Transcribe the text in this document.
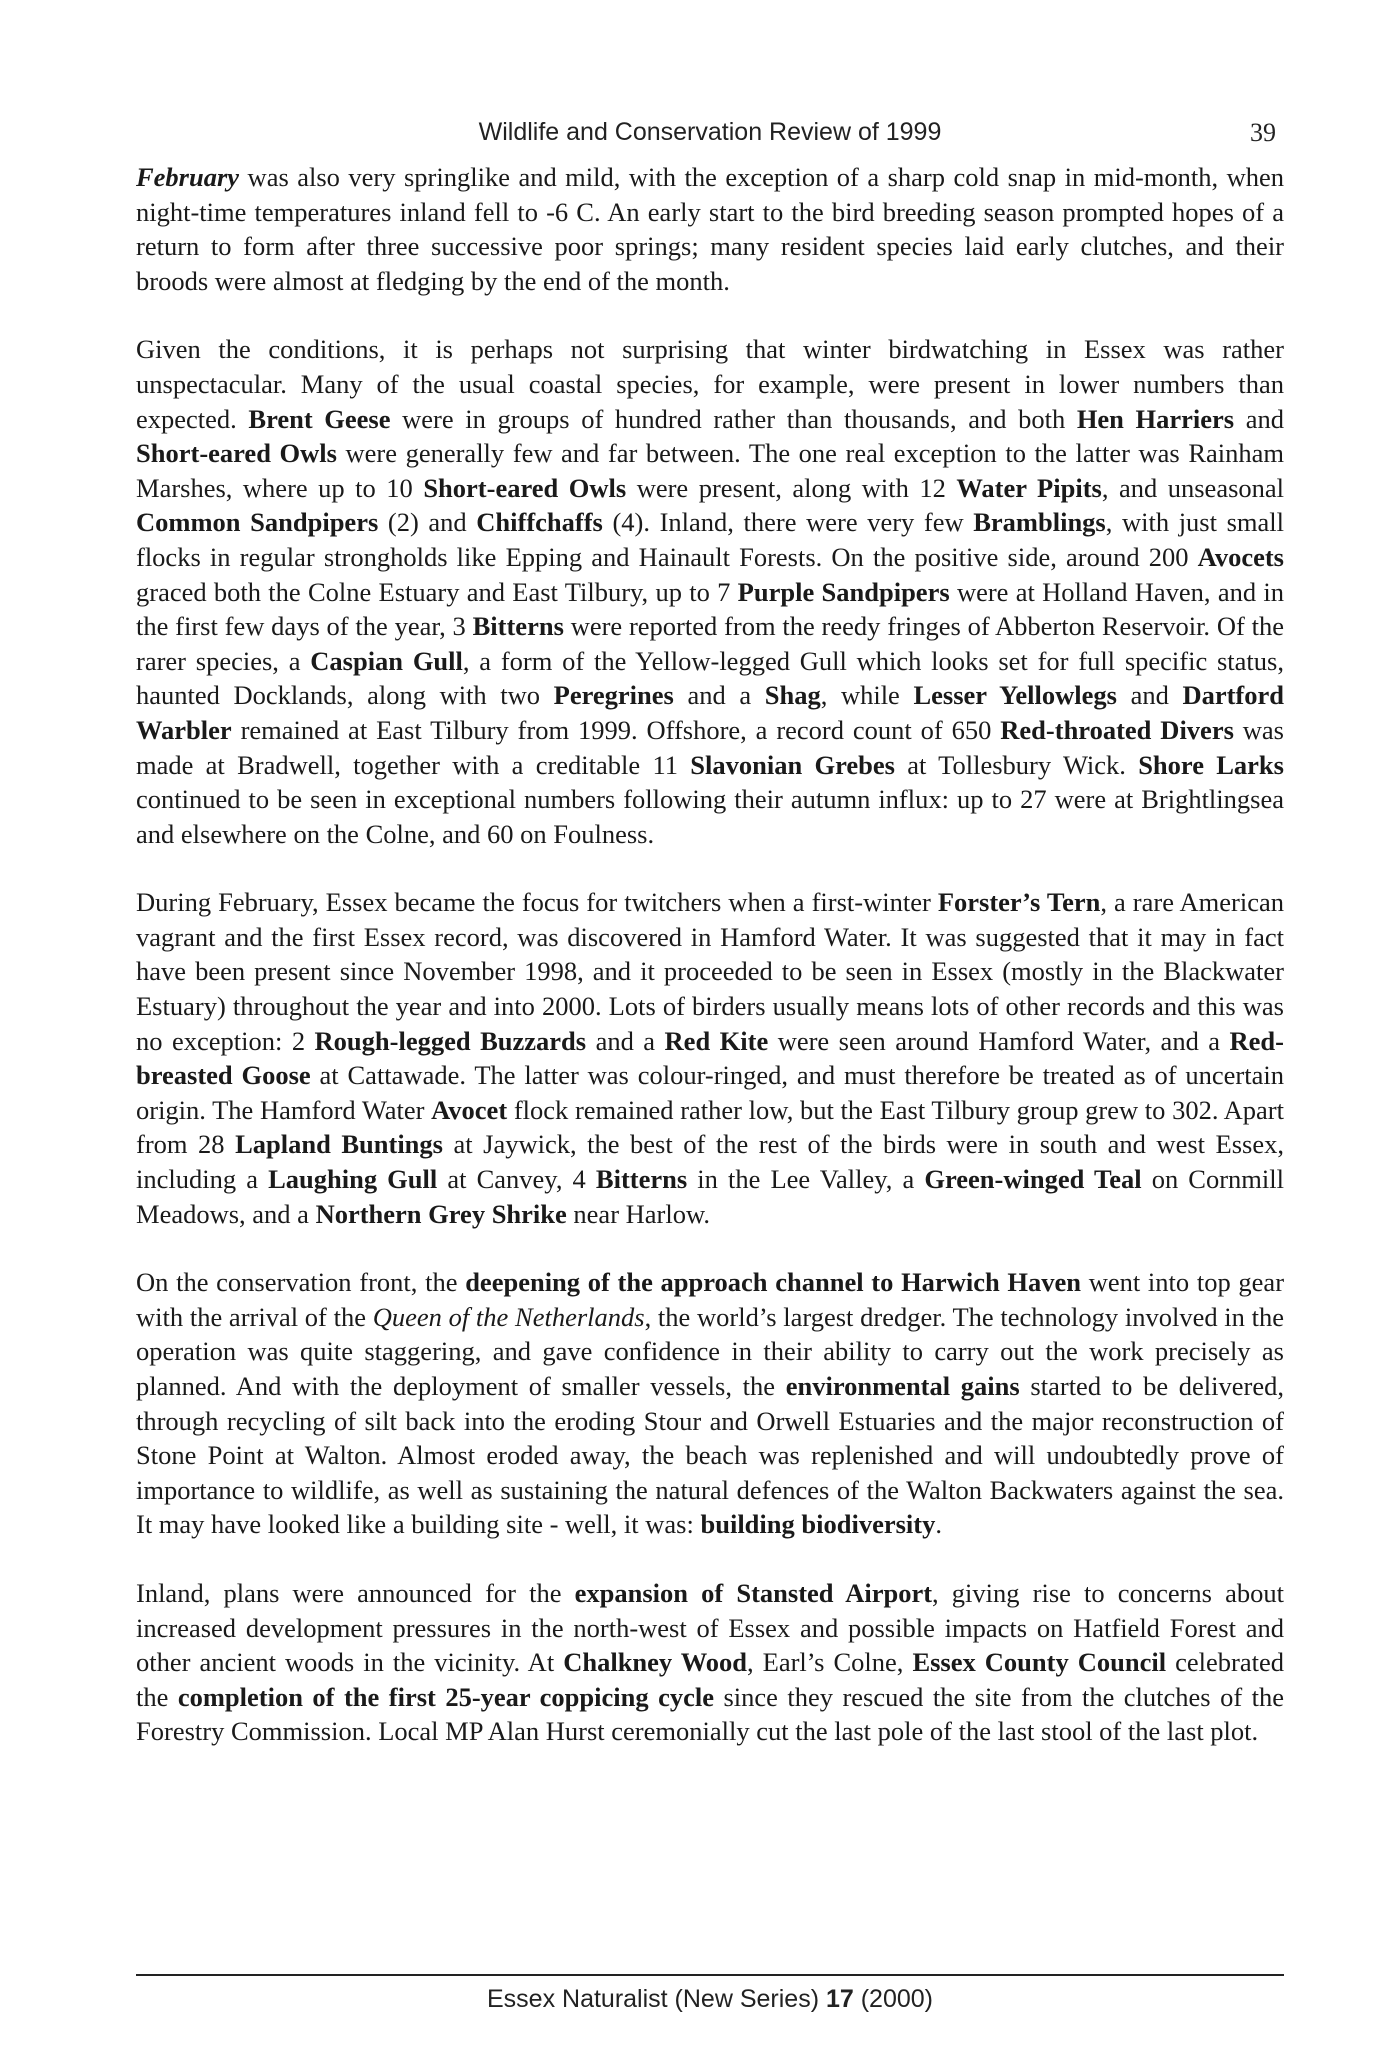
Wildlife and Conservation Review of 1999	39

February was also very springlike and mild, with the exception of a sharp cold snap in mid-month, when night-time temperatures inland fell to -6 C. An early start to the bird breeding season prompted hopes of a return to form after three successive poor springs; many resident species laid early clutches, and their broods were almost at fledging by the end of the month.

Given the conditions, it is perhaps not surprising that winter birdwatching in Essex was rather unspectacular. Many of the usual coastal species, for example, were present in lower numbers than expected. Brent Geese were in groups of hundred rather than thousands, and both Hen Harriers and Short-eared Owls were generally few and far between. The one real exception to the latter was Rainham Marshes, where up to 10 Short-eared Owls were present, along with 12 Water Pipits, and unseasonal Common Sandpipers (2) and Chiffchaffs (4). Inland, there were very few Bramblings, with just small flocks in regular strongholds like Epping and Hainault Forests. On the positive side, around 200 Avocets graced both the Colne Estuary and East Tilbury, up to 7 Purple Sandpipers were at Holland Haven, and in the first few days of the year, 3 Bitterns were reported from the reedy fringes of Abberton Reservoir. Of the rarer species, a Caspian Gull, a form of the Yellow-legged Gull which looks set for full specific status, haunted Docklands, along with two Peregrines and a Shag, while Lesser Yellowlegs and Dartford Warbler remained at East Tilbury from 1999. Offshore, a record count of 650 Red-throated Divers was made at Bradwell, together with a creditable 11 Slavonian Grebes at Tollesbury Wick. Shore Larks continued to be seen in exceptional numbers following their autumn influx: up to 27 were at Brightlingsea and elsewhere on the Colne, and 60 on Foulness.

During February, Essex became the focus for twitchers when a first-winter Forster’s Tern, a rare American vagrant and the first Essex record, was discovered in Hamford Water. It was suggested that it may in fact have been present since November 1998, and it proceeded to be seen in Essex (mostly in the Blackwater Estuary) throughout the year and into 2000. Lots of birders usually means lots of other records and this was no exception: 2 Rough-legged Buzzards and a Red Kite were seen around Hamford Water, and a Red-breasted Goose at Cattawade. The latter was colour-ringed, and must therefore be treated as of uncertain origin. The Hamford Water Avocet flock remained rather low, but the East Tilbury group grew to 302. Apart from 28 Lapland Buntings at Jaywick, the best of the rest of the birds were in south and west Essex, including a Laughing Gull at Canvey, 4 Bitterns in the Lee Valley, a Green-winged Teal on Cornmill Meadows, and a Northern Grey Shrike near Harlow.

On the conservation front, the deepening of the approach channel to Harwich Haven went into top gear with the arrival of the Queen of the Netherlands, the world’s largest dredger. The technology involved in the operation was quite staggering, and gave confidence in their ability to carry out the work precisely as planned. And with the deployment of smaller vessels, the environmental gains started to be delivered, through recycling of silt back into the eroding Stour and Orwell Estuaries and the major reconstruction of Stone Point at Walton. Almost eroded away, the beach was replenished and will undoubtedly prove of importance to wildlife, as well as sustaining the natural defences of the Walton Backwaters against the sea. It may have looked like a building site - well, it was: building biodiversity.

Inland, plans were announced for the expansion of Stansted Airport, giving rise to concerns about increased development pressures in the north-west of Essex and possible impacts on Hatfield Forest and other ancient woods in the vicinity. At Chalkney Wood, Earl’s Colne, Essex County Council celebrated the completion of the first 25-year coppicing cycle since they rescued the site from the clutches of the Forestry Commission. Local MP Alan Hurst ceremonially cut the last pole of the last stool of the last plot.

Essex Naturalist (New Series) 17 (2000)
